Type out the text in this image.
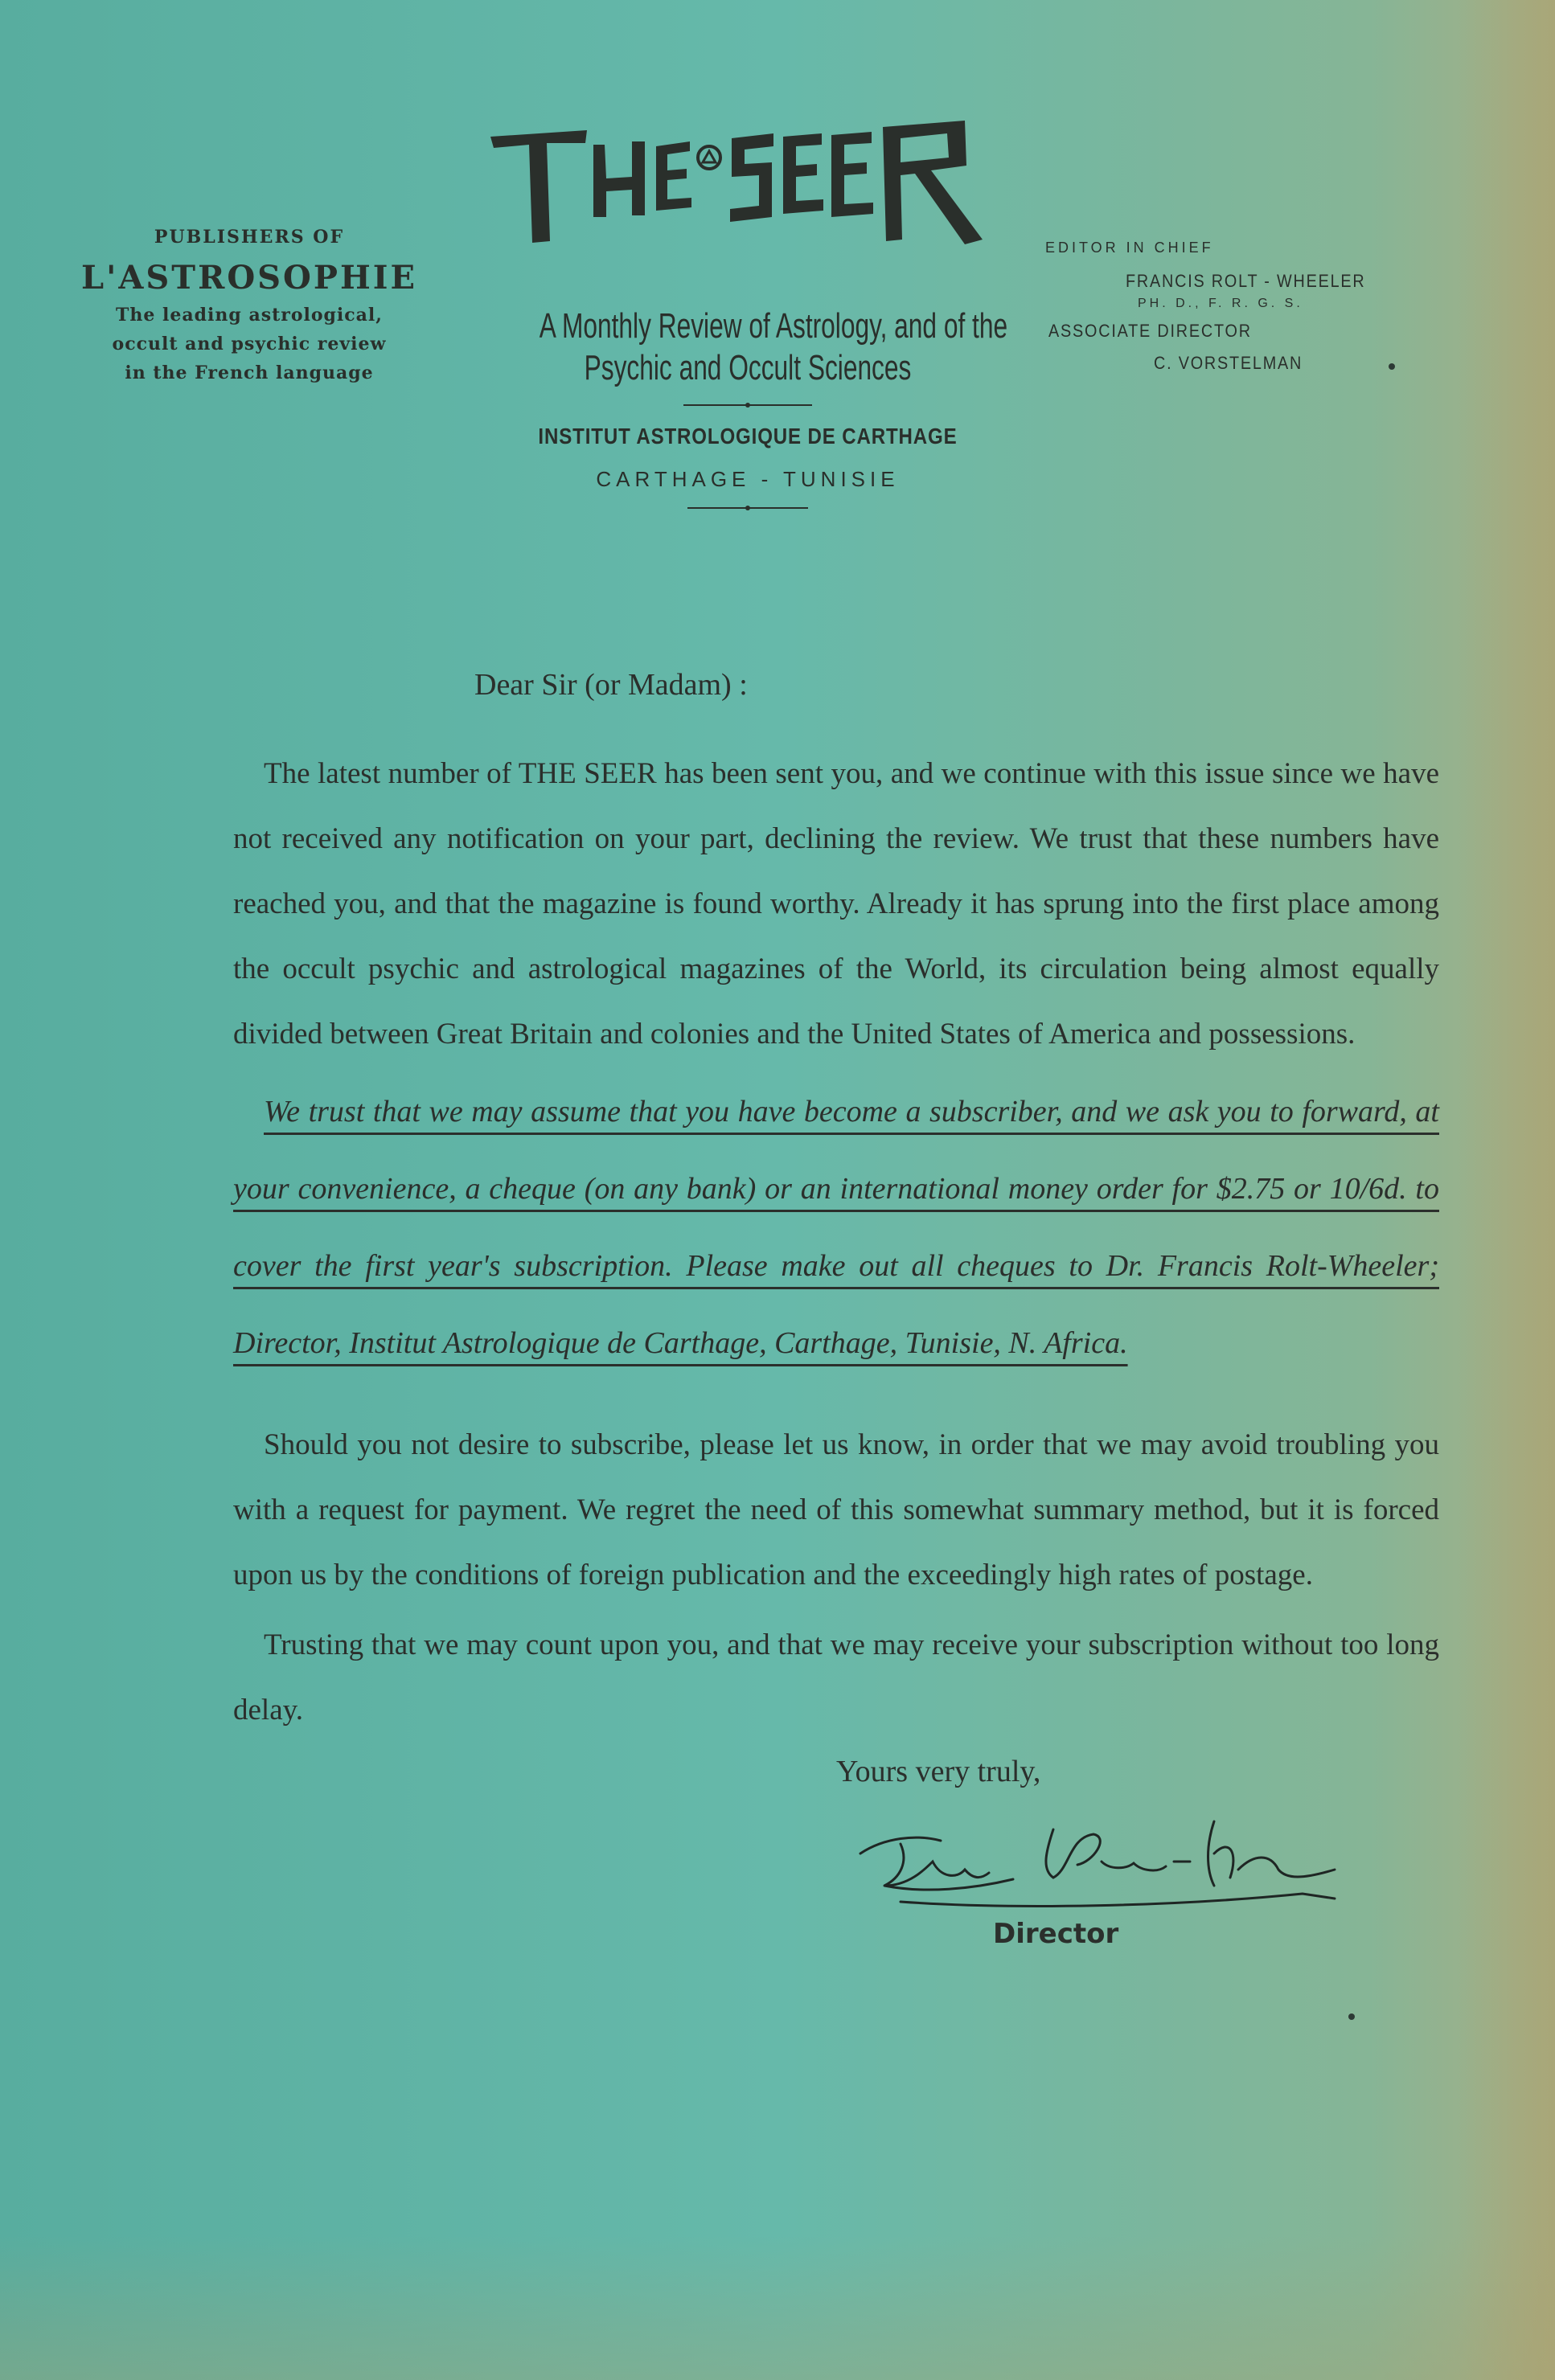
PUBLISHERS OF
L'ASTROSOPHIE
The leading astrological,
occult and psychic review
in the French language
A Monthly Review of Astrology, and of the
Psychic and Occult Sciences
INSTITUT ASTROLOGIQUE DE CARTHAGE
CARTHAGE - TUNISIE
EDITOR IN CHIEF
FRANCIS ROLT - WHEELER
PH. D., F. R. G. S.
ASSOCIATE DIRECTOR
C. VORSTELMAN
Dear Sir (or Madam) :

The latest number of THE SEER has been sent you, and we continue with this issue since we have not received any notification on your part, declining the review. We trust that these numbers have reached you, and that the magazine is found worthy. Already it has sprung into the first place among the occult psychic and astrological magazines of the World, its circulation being almost equally divided between Great Britain and colonies and the United States of America and possessions.

We trust that we may assume that you have become a subscriber, and we ask you to forward, at your convenience, a cheque (on any bank) or an international money order for $2.75 or 10/6d. to cover the first year's subscription. Please make out all cheques to Dr. Francis Rolt-Wheeler; Director, Institut Astrologique de Carthage, Carthage, Tunisie, N. Africa.

Should you not desire to subscribe, please let us know, in order that we may avoid troubling you with a request for payment. We regret the need of this somewhat summary method, but it is forced upon us by the conditions of foreign publication and the exceedingly high rates of postage.

Trusting that we may count upon you, and that we may receive your subscription without too long delay.

Yours very truly,
Director
